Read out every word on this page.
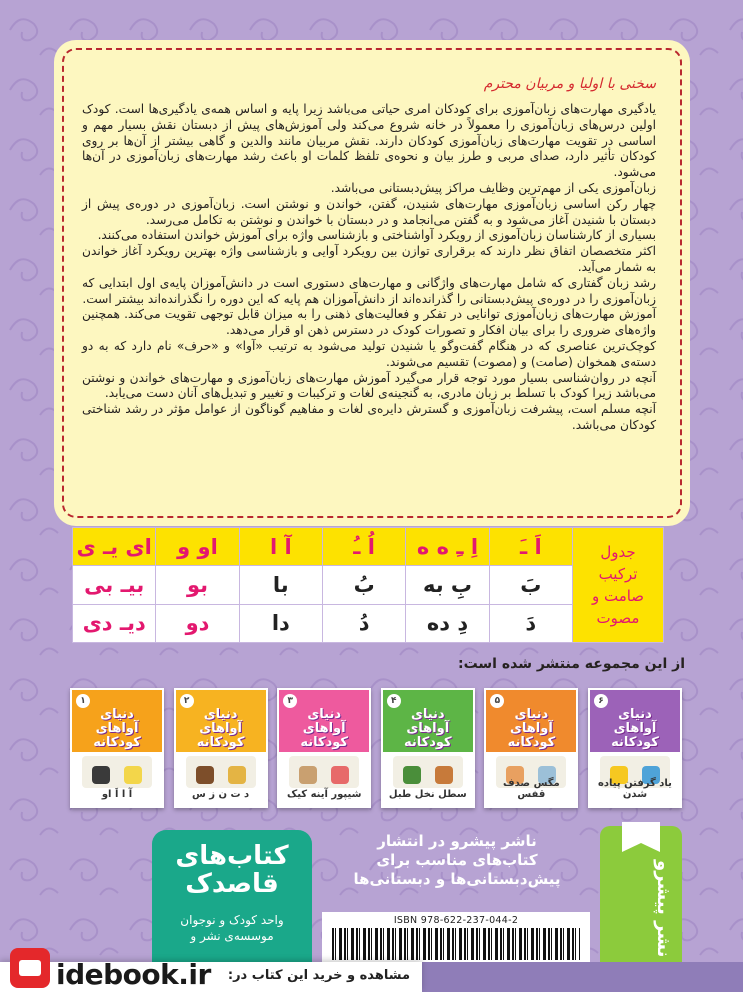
سخنی با اولیا و مربیان محترم

یادگیری مهارت‌های زبان‌آموزی برای کودکان امری حیاتی می‌باشد زیرا پایه و اساس همه‌ی یادگیری‌ها است. کودک اولین درس‌های زبان‌آموزی را معمولاً در خانه شروع می‌کند ولی آموزش‌های پیش از دبستان نقش بسیار مهم و اساسی در تقویت مهارت‌های زبان‌آموزی کودکان دارند. نقش مربیان مانند والدین و گاهی بیشتر از آن‌ها بر روی کودکان تأثیر دارد، صدای مربی و طرز بیان و نحوه‌ی تلفظ کلمات او باعث رشد مهارت‌های زبان‌آموزی در آن‌ها می‌شود.

زبان‌آموزی یکی از مهم‌ترین وظایف مراکز پیش‌دبستانی می‌باشد.

چهار رکن اساسی زبان‌آموزی مهارت‌های شنیدن، گفتن، خواندن و نوشتن است. زبان‌آموزی در دوره‌ی پیش از دبستان با شنیدن آغاز می‌شود و به گفتن می‌انجامد و در دبستان با خواندن و نوشتن به تکامل می‌رسد.

بسیاری از کارشناسان زبان‌آموزی از رویکرد آواشناختی و بازشناسی واژه برای آموزش خواندن استفاده می‌کنند.

اکثر متخصصان اتفاق نظر دارند که برقراری توازن بین رویکرد آوایی و بازشناسی واژه بهترین رویکرد آغاز خواندن به شمار می‌آید.

رشد زبان گفتاری که شامل مهارت‌های واژگانی و مهارت‌های دستوری است در دانش‌آموزان پایه‌ی اول ابتدایی که زبان‌آموزی را در دوره‌ی پیش‌دبستانی را گذرانده‌اند از دانش‌آموزان هم پایه که این دوره را نگذرانده‌اند بیشتر است.

آموزش مهارت‌های زبان‌آموزی توانایی در تفکر و فعالیت‌های ذهنی را به میزان قابل توجهی تقویت می‌کند. همچنین واژه‌های ضروری را برای بیان افکار و تصورات کودک در دسترس ذهن او قرار می‌دهد.

کوچک‌ترین عناصری که در هنگام گفت‌وگو یا شنیدن تولید می‌شود به ترتیب «آوا» و «حرف» نام دارد که به دو دسته‌ی همخوان (صامت) و (مصوت) تقسیم می‌شوند.

آنچه در روان‌شناسی بسیار مورد توجه قرار می‌گیرد آموزش مهارت‌های زبان‌آموزی و مهارت‌های خواندن و نوشتن می‌باشد زیرا کودک با تسلط بر زبان مادری، به گنجینه‌ی لغات و ترکیبات و تغییر و تبدیل‌های آنان دست می‌یابد.

آنچه مسلم است، پیشرفت زبان‌آموزی و گسترش دایره‌ی لغات و مفاهیم گوناگون از عوامل مؤثر در رشد شناختی کودکان می‌باشد.

ای یـ ی	او و	آ ا	اُ ـُ	اِ ـِ ه ه	اَ ـَ	جدول
ترکیب
صامت و
مصوت

بیـ بی	بو	با	بُ	بِ به	بَ	
دیـ دی	دو	دا	دُ	دِ ده	دَ	
از این مجموعه منتشر شده است:
۶
دنیای آواهای کودکانه
یاد گرفتن پیاده شدن
۵
دنیای آواهای کودکانه
مگس صدف قفس
۴
دنیای آواهای کودکانه
سطل نخل طبل
۳
دنیای آواهای کودکانه
شیپور آینه کیک
۲
دنیای آواهای کودکانه
د ت ن ز س
۱
دنیای آواهای کودکانه
آ ا اَ او
نشر پیشرو
ناشر پیشرو در انتشار
کتاب‌های مناسب برای
پیش‌دبستانی‌ها و دبستانی‌ها
ISBN 978-622-237-044-2
کتاب‌های قاصدک
واحد کودک و نوجوان
موسسه‌ی نشر و
idebook.ir مشاهده و خرید این کتاب در:
